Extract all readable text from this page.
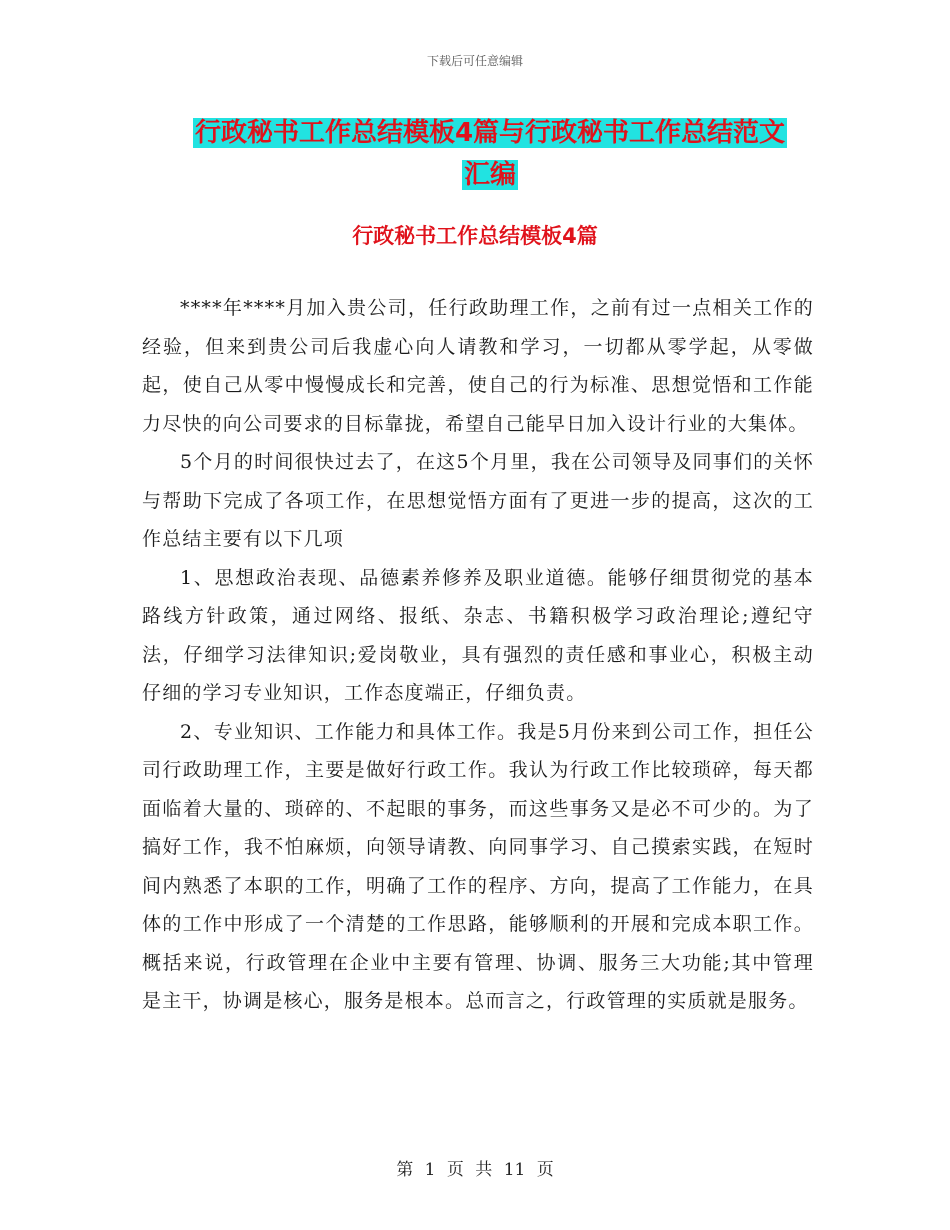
下载后可任意编辑
行政秘书工作总结模板4篇与行政秘书工作总结范文
汇编
行政秘书工作总结模板4篇

****年****月加入贵公司，任行政助理工作，之前有过一点相关工作的经验，但来到贵公司后我虚心向人请教和学习，一切都从零学起，从零做起，使自己从零中慢慢成长和完善，使自己的行为标准、思想觉悟和工作能力尽快的向公司要求的目标靠拢，希望自己能早日加入设计行业的大集体。

5个月的时间很快过去了，在这5个月里，我在公司领导及同事们的关怀与帮助下完成了各项工作，在思想觉悟方面有了更进一步的提高，这次的工作总结主要有以下几项

1、思想政治表现、品德素养修养及职业道德。能够仔细贯彻党的基本路线方针政策，通过网络、报纸、杂志、书籍积极学习政治理论;遵纪守法，仔细学习法律知识;爱岗敬业，具有强烈的责任感和事业心，积极主动仔细的学习专业知识，工作态度端正，仔细负责。

2、专业知识、工作能力和具体工作。我是5月份来到公司工作，担任公司行政助理工作，主要是做好行政工作。我认为行政工作比较琐碎，每天都面临着大量的、琐碎的、不起眼的事务，而这些事务又是必不可少的。为了搞好工作，我不怕麻烦，向领导请教、向同事学习、自己摸索实践，在短时间内熟悉了本职的工作，明确了工作的程序、方向，提高了工作能力，在具体的工作中形成了一个清楚的工作思路，能够顺利的开展和完成本职工作。概括来说，行政管理在企业中主要有管理、协调、服务三大功能;其中管理是主干，协调是核心，服务是根本。总而言之，行政管理的实质就是服务。

第 1 页 共 11 页
